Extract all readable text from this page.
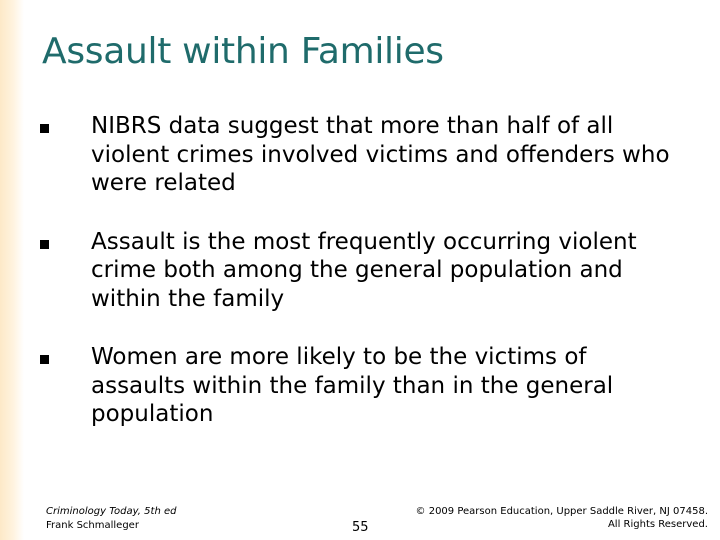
Assault within Families
NIBRS data suggest that more than half of all violent crimes involved victims and offenders who were related
Assault is the most frequently occurring violent crime both among the general population and within the family
Women are more likely to be the victims of assaults within the family than in the general population
Criminology Today, 5th ed
Frank Schmalleger	55
© 2009 Pearson Education, Upper Saddle River, NJ 07458.
All Rights Reserved.
